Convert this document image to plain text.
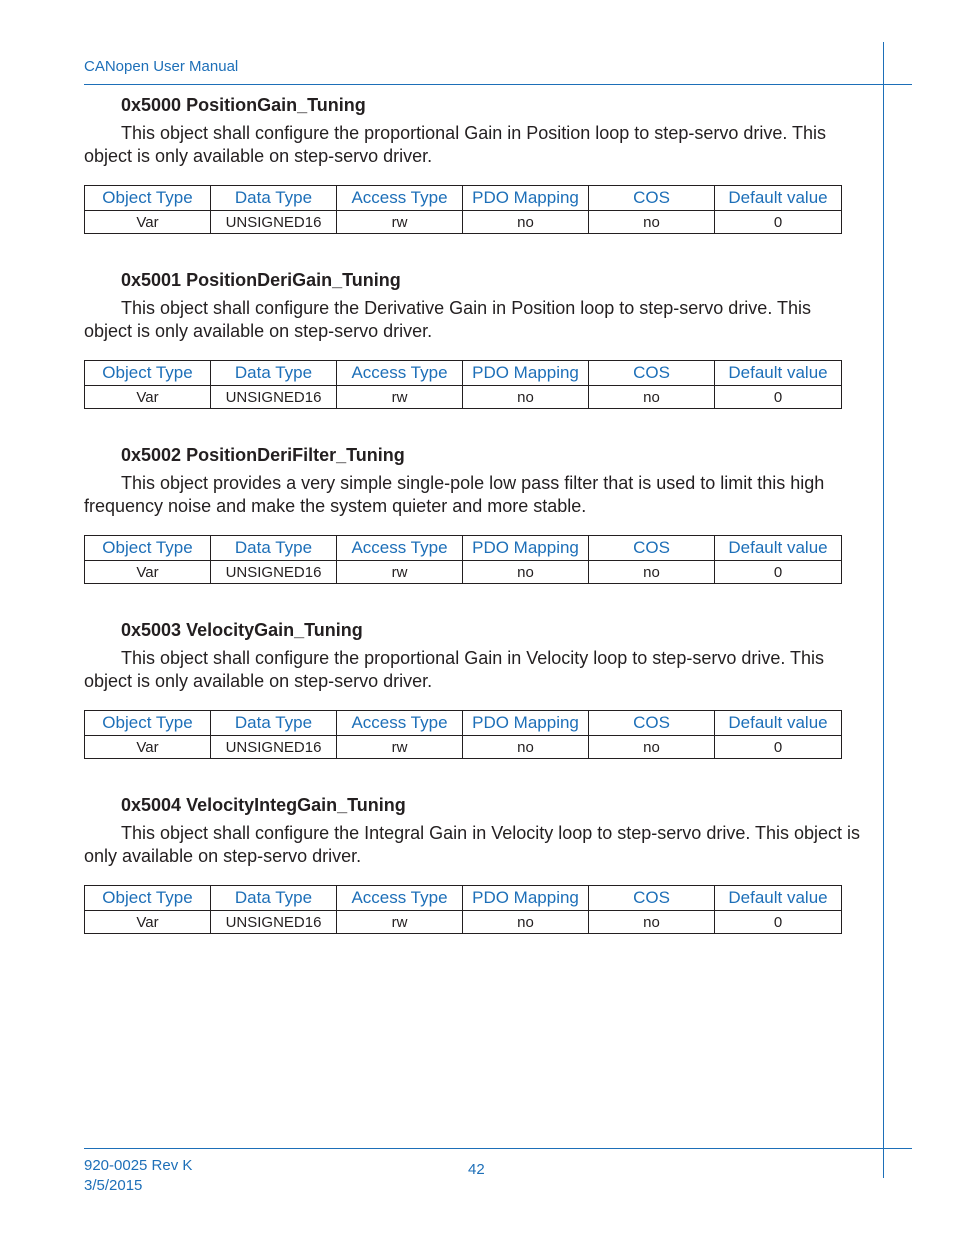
CANopen User Manual
0x5000 PositionGain_Tuning

This object shall configure the proportional Gain in Position loop to step-servo drive. This object is only available on step-servo driver.

Object Type	Data Type	Access Type	PDO Mapping	COS	Default value
Var	UNSIGNED16	rw	no	no	0
0x5001 PositionDeriGain_Tuning

This object shall configure the Derivative Gain in Position loop to step-servo drive. This object is only available on step-servo driver.

Object Type	Data Type	Access Type	PDO Mapping	COS	Default value
Var	UNSIGNED16	rw	no	no	0
0x5002 PositionDeriFilter_Tuning

This object provides a very simple single-pole low pass filter that is used to limit this high frequency noise and make the system quieter and more stable.

Object Type	Data Type	Access Type	PDO Mapping	COS	Default value
Var	UNSIGNED16	rw	no	no	0
0x5003 VelocityGain_Tuning

This object shall configure the proportional Gain in Velocity loop to step-servo drive. This object is only available on step-servo driver.

Object Type	Data Type	Access Type	PDO Mapping	COS	Default value
Var	UNSIGNED16	rw	no	no	0
0x5004 VelocityIntegGain_Tuning

This object shall configure the Integral Gain in Velocity loop to step-servo drive. This object is only available on step-servo driver.

Object Type	Data Type	Access Type	PDO Mapping	COS	Default value
Var	UNSIGNED16	rw	no	no	0
920-0025 Rev K
3/5/2015
42
